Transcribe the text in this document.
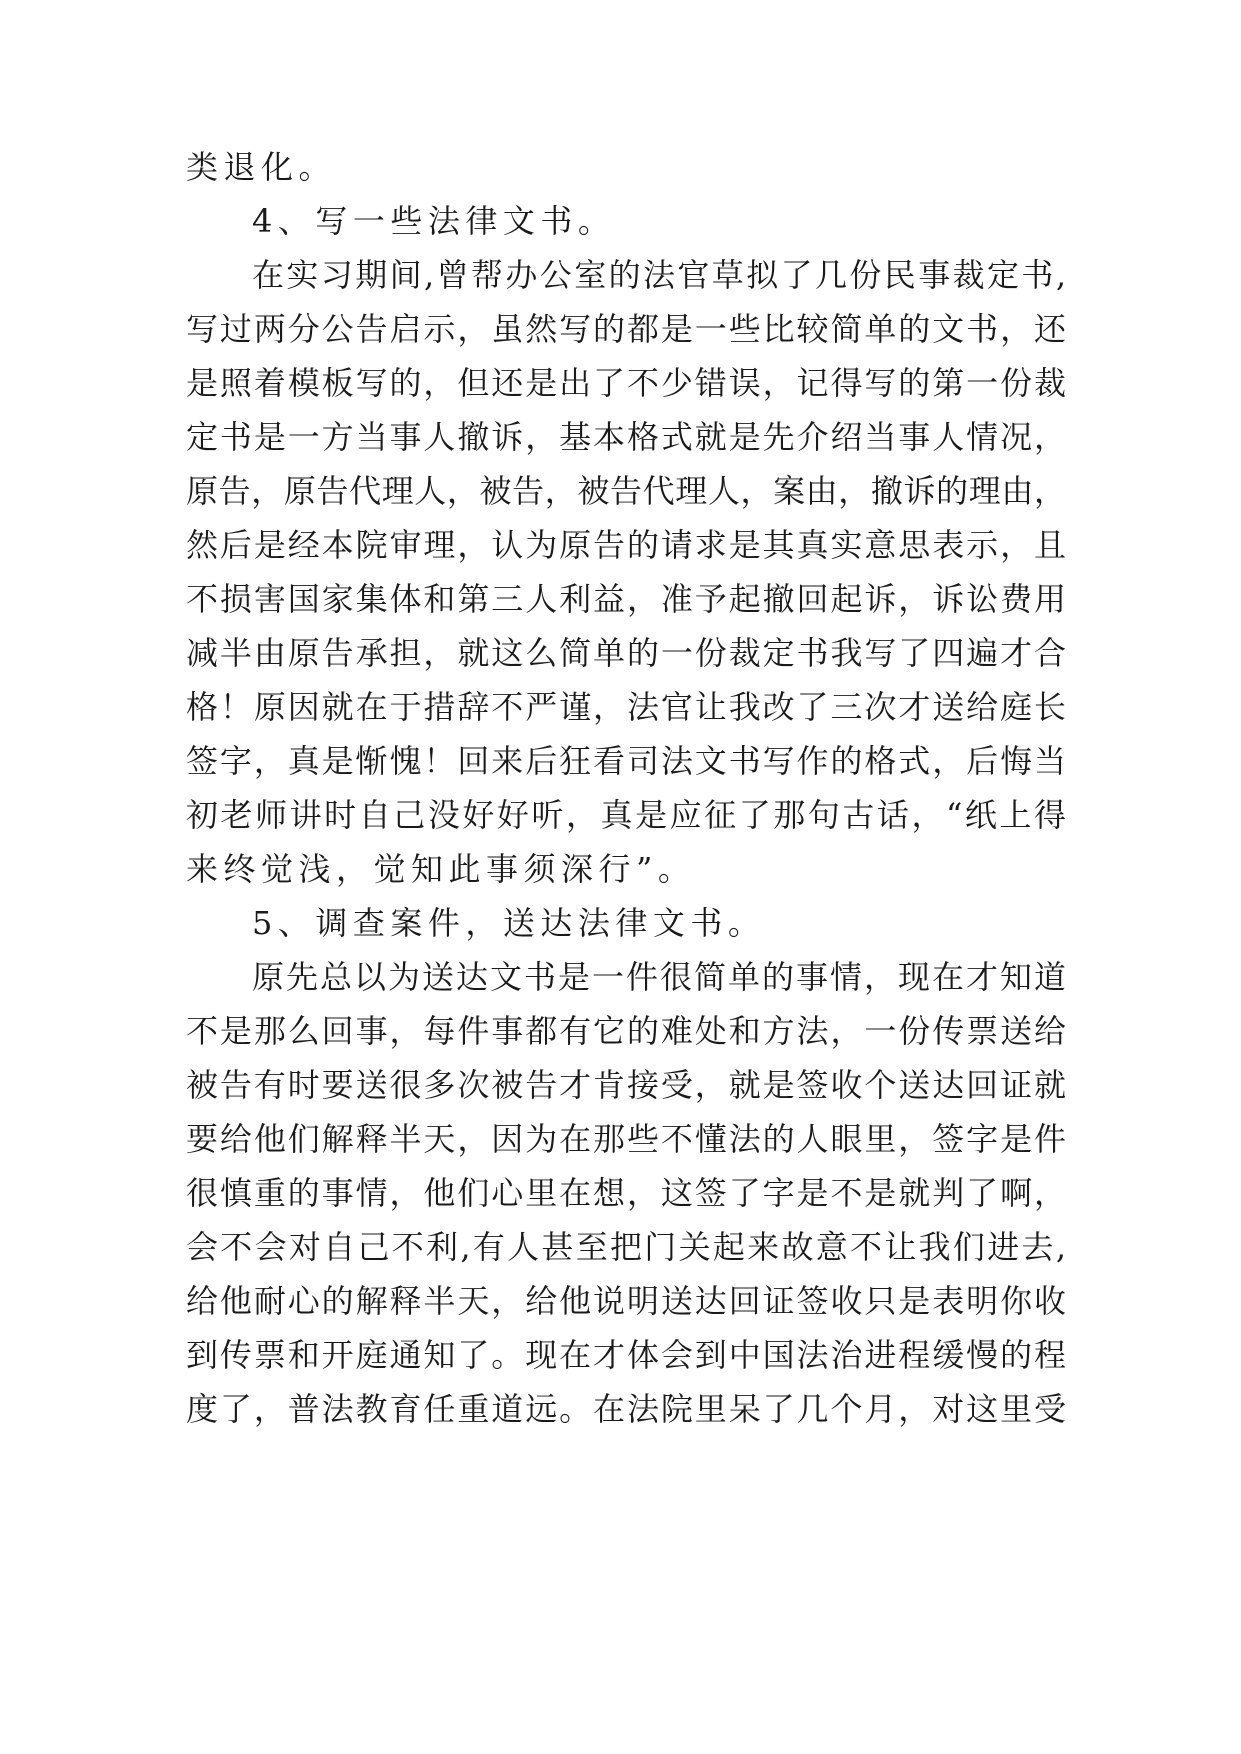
类退化。
4、写一些法律文书。
在实习期间,曾帮办公室的法官草拟了几份民事裁定书,
写过两分公告启示，虽然写的都是一些比较简单的文书，还
是照着模板写的，但还是出了不少错误，记得写的第一份裁
定书是一方当事人撤诉，基本格式就是先介绍当事人情况，
原告，原告代理人，被告，被告代理人，案由，撤诉的理由，
然后是经本院审理，认为原告的请求是其真实意思表示，且
不损害国家集体和第三人利益，准予起撤回起诉，诉讼费用
减半由原告承担，就这么简单的一份裁定书我写了四遍才合
格！原因就在于措辞不严谨，法官让我改了三次才送给庭长
签字，真是惭愧！回来后狂看司法文书写作的格式，后悔当
初老师讲时自己没好好听，真是应征了那句古话，“纸上得
来终觉浅，觉知此事须深行”。
5、调查案件，送达法律文书。
原先总以为送达文书是一件很简单的事情，现在才知道
不是那么回事，每件事都有它的难处和方法，一份传票送给
被告有时要送很多次被告才肯接受，就是签收个送达回证就
要给他们解释半天，因为在那些不懂法的人眼里，签字是件
很慎重的事情，他们心里在想，这签了字是不是就判了啊，
会不会对自己不利,有人甚至把门关起来故意不让我们进去,
给他耐心的解释半天，给他说明送达回证签收只是表明你收
到传票和开庭通知了。现在才体会到中国法治进程缓慢的程
度了，普法教育任重道远。在法院里呆了几个月，对这里受
